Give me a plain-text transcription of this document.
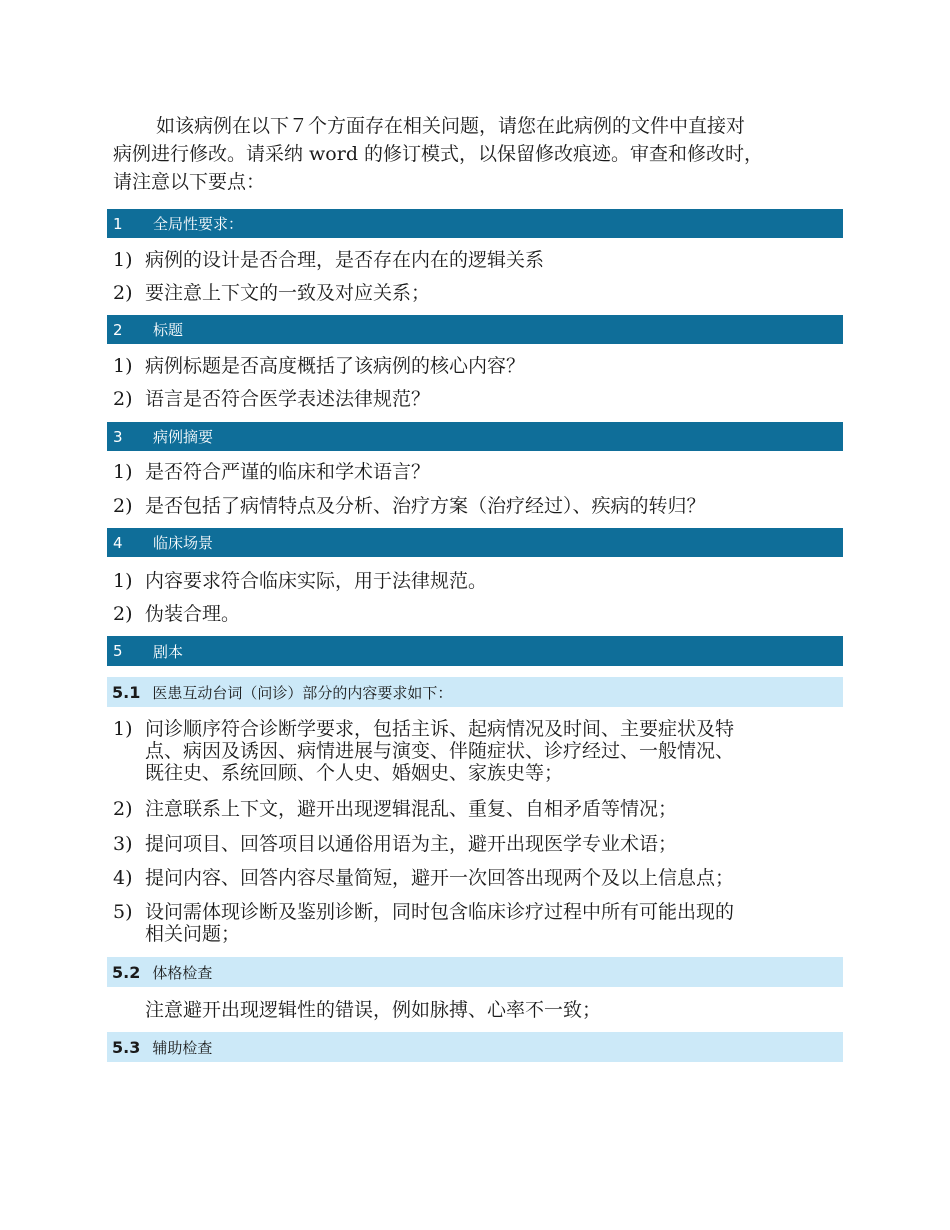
如该病例在以下７个方面存在相关问题，请您在此病例的文件中直接对
病例进行修改。请采纳 word 的修订模式，以保留修改痕迹。审查和修改时，
请注意以下要点：
1	全局性要求：
1) 病例的设计是否合理，是否存在内在的逻辑关系
2) 要注意上下文的一致及对应关系；
2	标题
1) 病例标题是否高度概括了该病例的核心内容？
2) 语言是否符合医学表述法律规范？
3	病例摘要
1) 是否符合严谨的临床和学术语言？
2) 是否包括了病情特点及分析、治疗方案（治疗经过）、疾病的转归？
4	临床场景
1) 内容要求符合临床实际，用于法律规范。
2) 伪装合理。
5	剧本
5.1 医患互动台词（问诊）部分的内容要求如下：
1) 问诊顺序符合诊断学要求，包括主诉、起病情况及时间、主要症状及特
点、病因及诱因、病情进展与演变、伴随症状、诊疗经过、一般情况、
既往史、系统回顾、个人史、婚姻史、家族史等；
2) 注意联系上下文，避开出现逻辑混乱、重复、自相矛盾等情况；
3) 提问项目、回答项目以通俗用语为主，避开出现医学专业术语；
4) 提问内容、回答内容尽量简短，避开一次回答出现两个及以上信息点；
5) 设问需体现诊断及鉴别诊断，同时包含临床诊疗过程中所有可能出现的
相关问题；
5.2 体格检查
注意避开出现逻辑性的错误，例如脉搏、心率不一致；
5.3 辅助检查
